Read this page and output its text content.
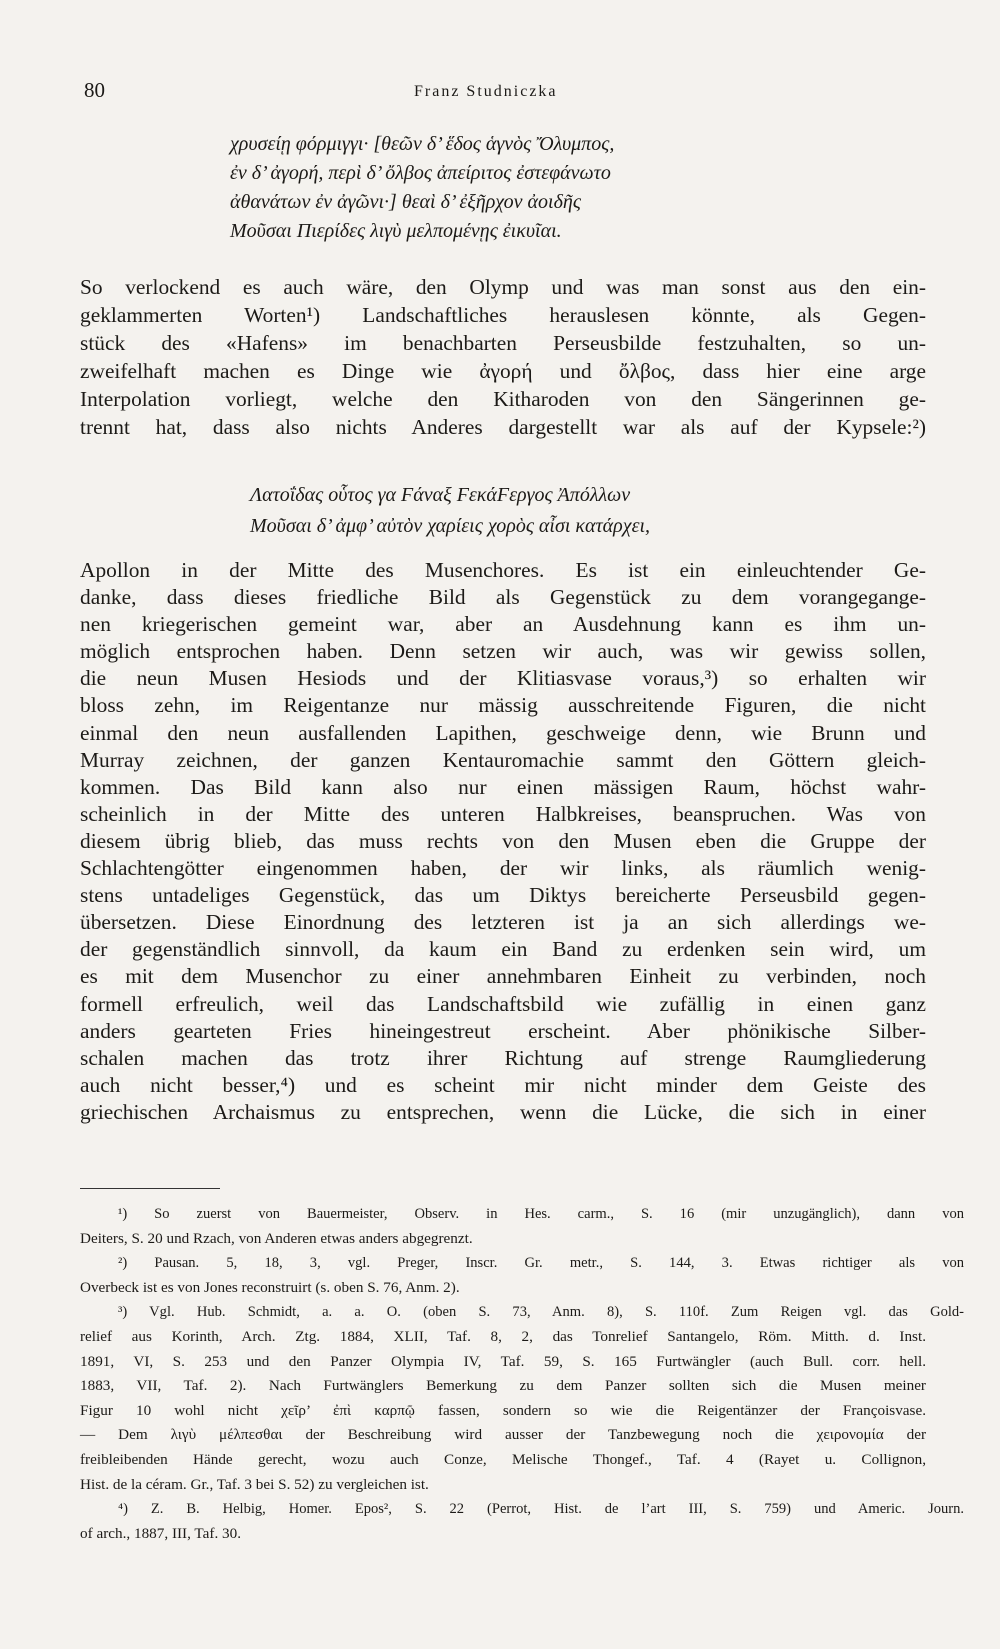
80	Franz Studniczka
χρυσείῃ φόρμιγγι· [θεῶν δ’ ἕδος ἁγνὸς Ὄλυμπος,
ἐν δ’ ἀγορή, περὶ δ’ ὄλβος ἀπείριτος ἐστεφάνωτο
ἀθανάτων ἐν ἀγῶνι·] θεαὶ δ’ ἐξῆρχον ἀοιδῆς
Μοῦσαι Πιερίδες λιγὺ μελπομένῃς ἐικυῖαι.
So verlockend es auch wäre, den Olymp und was man sonst aus den ein-
geklammerten Worten¹) Landschaftliches herauslesen könnte, als Gegen-
stück des «Hafens» im benachbarten Perseusbilde festzuhalten, so un-
zweifelhaft machen es Dinge wie ἀγορή und ὄλβος, dass hier eine arge
Interpolation vorliegt, welche den Kitharoden von den Sängerinnen ge-
trennt hat, dass also nichts Anderes dargestellt war als auf der Kypsele:²)
Λατοΐδας οὗτος γα Ϝάναξ ϜεκάϜεργος Ἀπόλλων
Μοῦσαι δ’ ἀμφ’ αὐτὸν χαρίεις χορὸς αἶσι κατάρχει,
Apollon in der Mitte des Musenchores. Es ist ein einleuchtender Ge-
danke, dass dieses friedliche Bild als Gegenstück zu dem vorangegange-
nen kriegerischen gemeint war, aber an Ausdehnung kann es ihm un-
möglich entsprochen haben. Denn setzen wir auch, was wir gewiss sollen,
die neun Musen Hesiods und der Klitiasvase voraus,³) so erhalten wir
bloss zehn, im Reigentanze nur mässig ausschreitende Figuren, die nicht
einmal den neun ausfallenden Lapithen, geschweige denn, wie Brunn und
Murray zeichnen, der ganzen Kentauromachie sammt den Göttern gleich-
kommen. Das Bild kann also nur einen mässigen Raum, höchst wahr-
scheinlich in der Mitte des unteren Halbkreises, beanspruchen. Was von
diesem übrig blieb, das muss rechts von den Musen eben die Gruppe der
Schlachtengötter eingenommen haben, der wir links, als räumlich wenig-
stens untadeliges Gegenstück, das um Diktys bereicherte Perseusbild gegen-
übersetzen. Diese Einordnung des letzteren ist ja an sich allerdings we-
der gegenständlich sinnvoll, da kaum ein Band zu erdenken sein wird, um
es mit dem Musenchor zu einer annehmbaren Einheit zu verbinden, noch
formell erfreulich, weil das Landschaftsbild wie zufällig in einen ganz
anders gearteten Fries hineingestreut erscheint. Aber phönikische Silber-
schalen machen das trotz ihrer Richtung auf strenge Raumgliederung
auch nicht besser,⁴) und es scheint mir nicht minder dem Geiste des
griechischen Archaismus zu entsprechen, wenn die Lücke, die sich in einer
¹) So zuerst von Bauermeister, Observ. in Hes. carm., S. 16 (mir unzugänglich), dann von
Deiters, S. 20 und Rzach, von Anderen etwas anders abgegrenzt.
²) Pausan. 5, 18, 3, vgl. Preger, Inscr. Gr. metr., S. 144, 3. Etwas richtiger als von
Overbeck ist es von Jones reconstruirt (s. oben S. 76, Anm. 2).
³) Vgl. Hub. Schmidt, a. a. O. (oben S. 73, Anm. 8), S. 110f. Zum Reigen vgl. das Gold-
relief aus Korinth, Arch. Ztg. 1884, XLII, Taf. 8, 2, das Tonrelief Santangelo, Röm. Mitth. d. Inst.
1891, VI, S. 253 und den Panzer Olympia IV, Taf. 59, S. 165 Furtwängler (auch Bull. corr. hell.
1883, VII, Taf. 2). Nach Furtwänglers Bemerkung zu dem Panzer sollten sich die Musen meiner
Figur 10 wohl nicht χεῖρ’ ἐπὶ καρπῷ fassen, sondern so wie die Reigentänzer der Françoisvase.
— Dem λιγὺ μέλπεσθαι der Beschreibung wird ausser der Tanzbewegung noch die χειρονομία der
freibleibenden Hände gerecht, wozu auch Conze, Melische Thongef., Taf. 4 (Rayet u. Collignon,
Hist. de la céram. Gr., Taf. 3 bei S. 52) zu vergleichen ist.
⁴) Z. B. Helbig, Homer. Epos², S. 22 (Perrot, Hist. de l’art III, S. 759) und Americ. Journ.
of arch., 1887, III, Taf. 30.
